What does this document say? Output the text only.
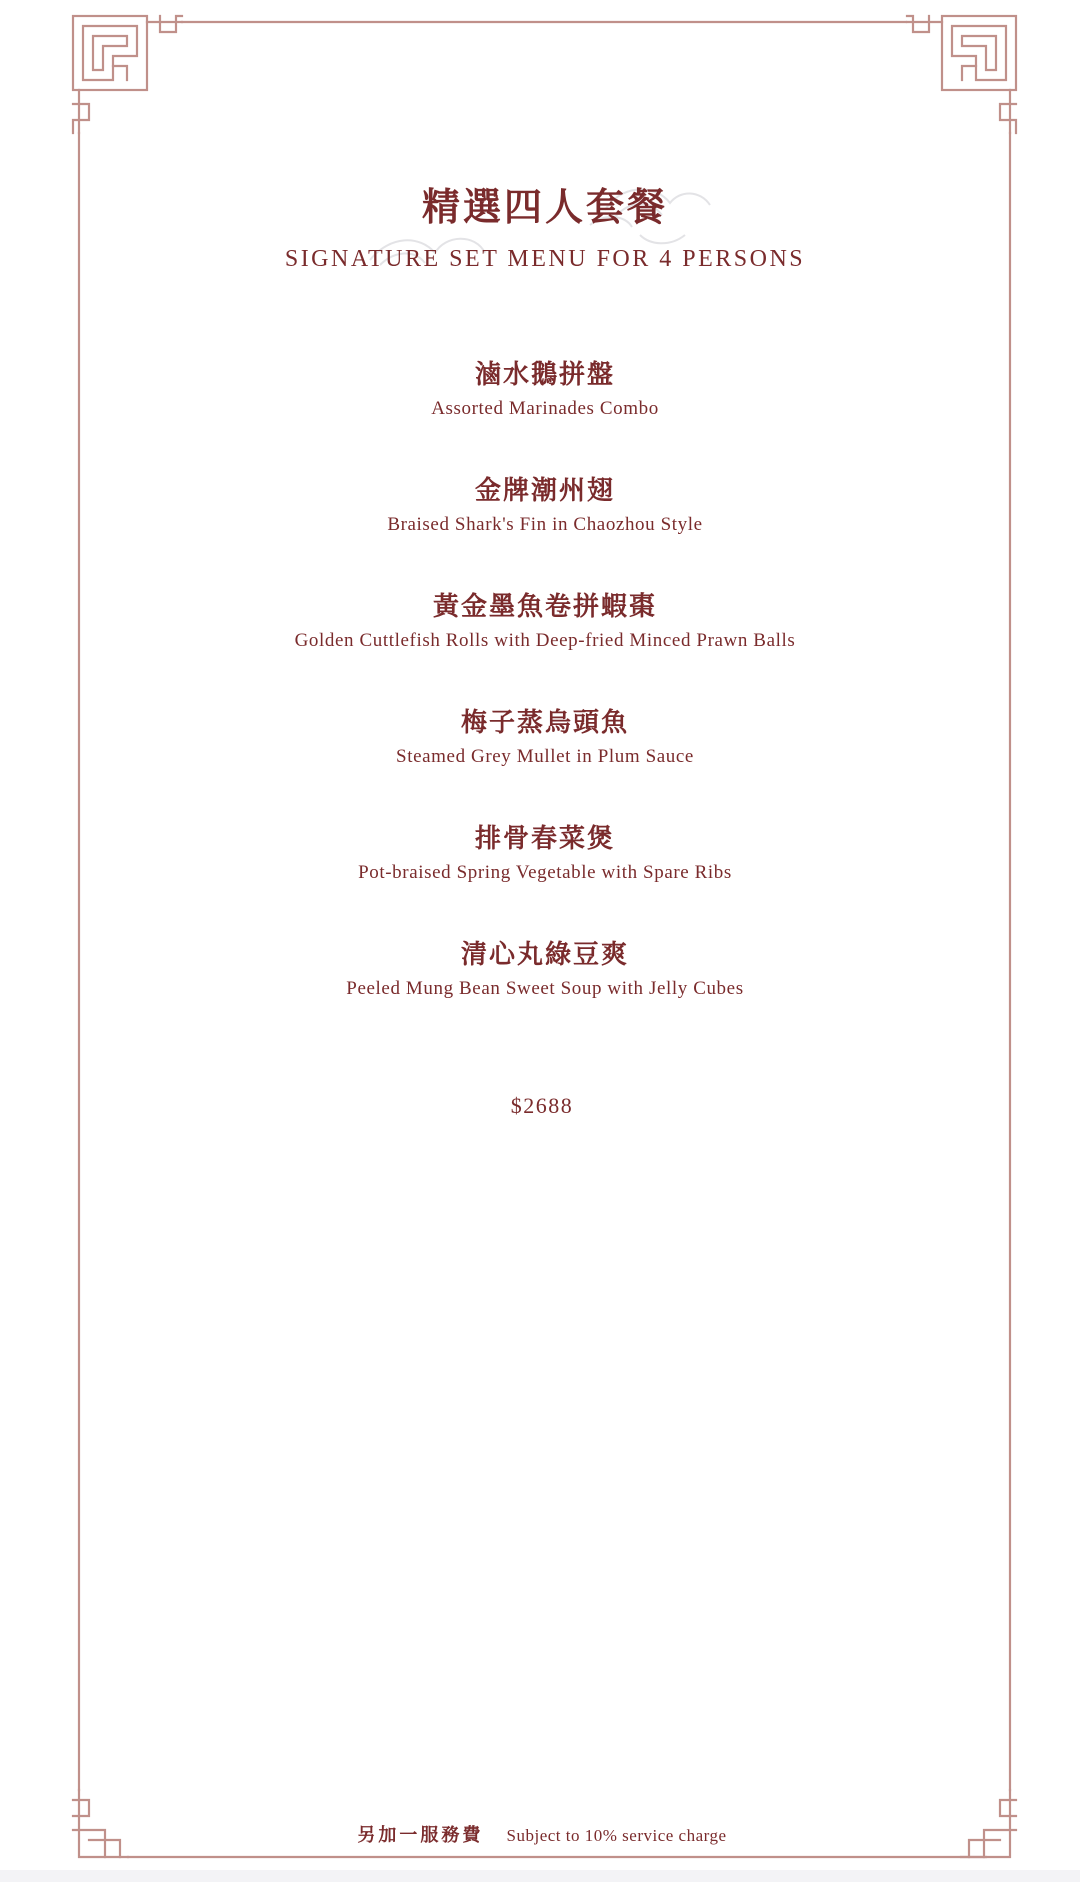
精選四人套餐
SIGNATURE SET MENU FOR 4 PERSONS
滷水鵝拼盤
Assorted Marinades Combo
金牌潮州翅
Braised Shark's Fin in Chaozhou Style
黃金墨魚卷拼蝦棗
Golden Cuttlefish Rolls with Deep-fried Minced Prawn Balls
梅子蒸烏頭魚
Steamed Grey Mullet in Plum Sauce
排骨春菜煲
Pot-braised Spring Vegetable with Spare Ribs
清心丸綠豆爽
Peeled Mung Bean Sweet Soup with Jelly Cubes
$2688
另加一服務費 Subject to 10% service charge
